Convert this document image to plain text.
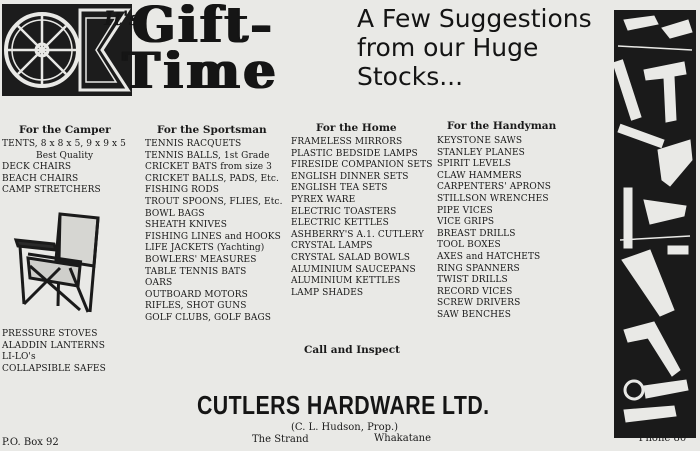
It's
Gift-
Time
A Few Suggestions
from our Huge
Stocks...
For the Camper
TENTS, 8 x 8 x 5, 9 x 9 x 5
Best Quality
DECK CHAIRS
BEACH CHAIRS
CAMP STRETCHERS
PRESSURE STOVES
ALADDIN LANTERNS
LI-LO's
COLLAPSIBLE SAFES
For the Sportsman
TENNIS RACQUETS
TENNIS BALLS, 1st Grade
CRICKET BATS from size 3
CRICKET BALLS, PADS, Etc.
FISHING RODS
TROUT SPOONS, FLIES, Etc.
BOWL BAGS
SHEATH KNIVES
FISHING LINES and HOOKS
LIFE JACKETS (Yachting)
BOWLERS' MEASURES
TABLE TENNIS BATS
OARS
OUTBOARD MOTORS
RIFLES, SHOT GUNS
GOLF CLUBS, GOLF BAGS
For the Home
FRAMELESS MIRRORS
PLASTIC BEDSIDE LAMPS
FIRESIDE COMPANION SETS
ENGLISH DINNER SETS
ENGLISH TEA SETS
PYREX WARE
ELECTRIC TOASTERS
ELECTRIC KETTLES
ASHBERRY'S A.1. CUTLERY
CRYSTAL LAMPS
CRYSTAL SALAD BOWLS
ALUMINIUM SAUCEPANS
ALUMINIUM KETTLES
LAMP SHADES
For the Handyman
KEYSTONE SAWS
STANLEY PLANES
SPIRIT LEVELS
CLAW HAMMERS
CARPENTERS' APRONS
STILLSON WRENCHES
PIPE VICES
VICE GRIPS
BREAST DRILLS
TOOL BOXES
AXES and HATCHETS
RING SPANNERS
TWIST DRILLS
RECORD VICES
SCREW DRIVERS
SAW BENCHES
Call and Inspect
CUTLERS HARDWARE LTD.
(C. L. Hudson, Prop.)
P.O. Box 92	The Strand	Whakatane	'Phone 80
